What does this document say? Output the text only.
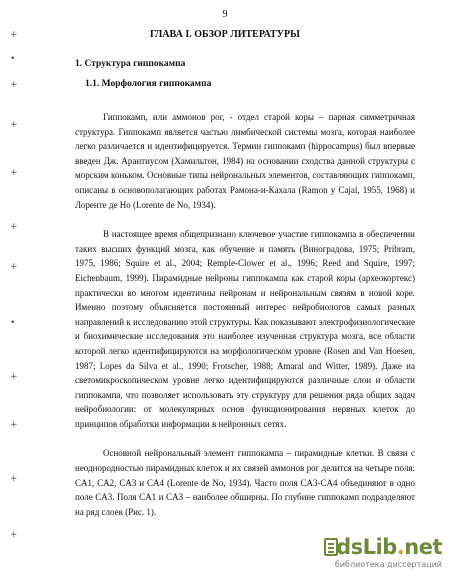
9
ГЛАВА I. ОБЗОР ЛИТЕРАТУРЫ
1. Структура гиппокампа
1.1. Морфология гиппокампа

Гиппокамп, или аммонов рог, - отдел старой коры – парная симметричная структура. Гиппокамп является частью лимбической системы мозга, которая наиболее легко различается и идентифицируется. Термин гиппокамп (hippocampus) был впервые введен Дж. Арантиусом (Хамильтон, 1984) на основании сходства данной структуры с морским коньком. Основные типы нейрональных элементов, составляющих гиппокамп, описаны в основополагающих работах Рамона-и-Кахала (Ramon y Cajal, 1955, 1968) и Лоренте де Но (Lorente de No, 1934).

В настоящее время общепризнано ключевое участие гиппокампа в обеспечении таких высших функций мозга, как обучение и память (Виноградова, 1975; Pribram, 1975, 1986; Squire et al., 2004; Remple-Clower et al., 1996; Reed and Squire, 1997; Eichenbaum, 1999). Пирамидные нейроны гиппокампа как старой коры (археокортекс) практически во многом идентичны нейронам и нейрональным связям в новой коре. Именно поэтому объясняется постоянный интерес нейробиологов самых разных направлений к исследованию этой структуры. Как показывают электрофизиологические и биохимические исследования это наиболее изученная структура мозга, все области которой легко идентифицируются на морфологическом уровне (Rosen and Van Hoesen, 1987; Lopes da Silva et al., 1990; Frotscher, 1988; Amaral and Witter, 1989). Даже на светомикроскопическом уровне легко идентифицируются различные слои и области гиппокампа, что позволяет использовать эту структуру для решения ряда общих задач нейробиологии: от молекулярных основ функционирования нервных клеток до принципов обработки информации в нейронных сетях.

Основной нейрональный элемент гиппокампа – пирамидные клетки. В связи с неоднородностью пирамидных клеток и их связей аммонов рог делится на четыре поля: CA1, CA2, CA3 и CA4 (Lorente de No, 1934). Часто поля CA3-CA4 объединяют в одно поле CA3. Поля CA1 и CA3 – наиболее обширны. По глубине гиппокамп подразделяют на ряд слоев (Рис. 1).

+
•
+
+
+
+
+
•
+
+
+
+	dsLib.net
библиотека диссертаций
